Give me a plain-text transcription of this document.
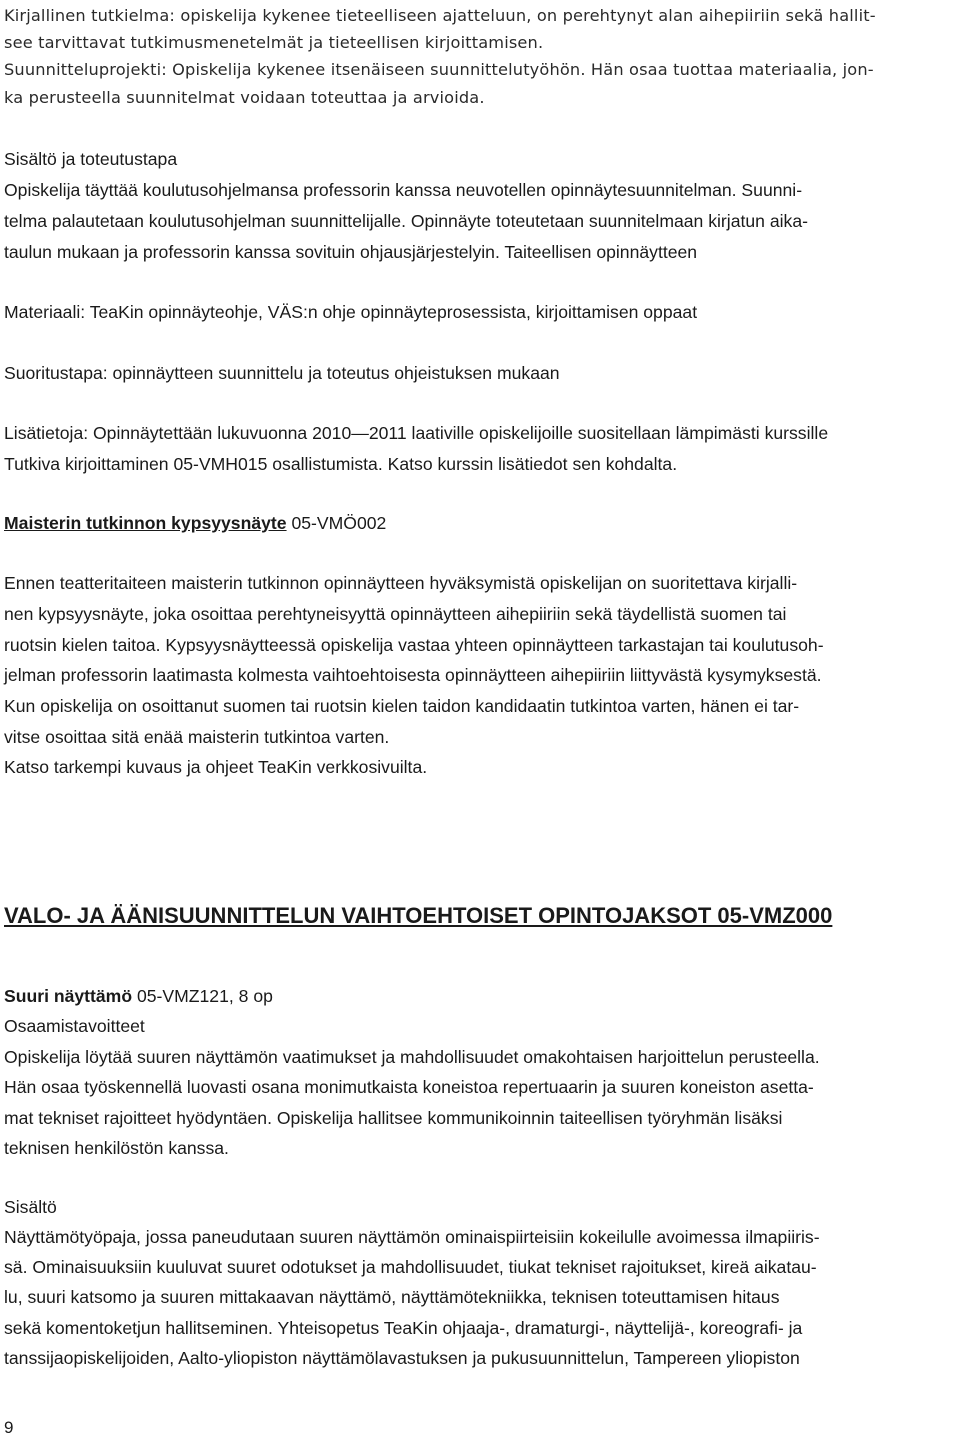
Kirjallinen tutkielma: opiskelija kykenee tieteelliseen ajatteluun, on perehtynyt alan aihepiiriin sekä hallit-
see tarvittavat tutkimusmenetelmät ja tieteellisen kirjoittamisen.
Suunnitteluprojekti: Opiskelija kykenee itsenäiseen suunnittelutyöhön. Hän osaa tuottaa materiaalia, jon-
ka perusteella suunnitelmat voidaan toteuttaa ja arvioida.
Sisältö ja toteutustapa
Opiskelija täyttää koulutusohjelmansa professorin kanssa neuvotellen opinnäytesuunnitelman. Suunni-
telma palautetaan koulutusohjelman suunnittelijalle. Opinnäyte toteutetaan suunnitelmaan kirjatun aika-
taulun mukaan ja professorin kanssa sovituin ohjausjärjestelyin. Taiteellisen opinnäytteen
Materiaali: TeaKin opinnäyteohje, VÄS:n ohje opinnäyteprosessista, kirjoittamisen oppaat
Suoritustapa: opinnäytteen suunnittelu ja toteutus ohjeistuksen mukaan
Lisätietoja: Opinnäytettään lukuvuonna 2010—2011 laativille opiskelijoille suositellaan lämpimästi kurssille
Tutkiva kirjoittaminen 05-VMH015 osallistumista. Katso kurssin lisätiedot sen kohdalta.
Maisterin tutkinnon kypsyysnäyte 05-VMÖ002
Ennen teatteritaiteen maisterin tutkinnon opinnäytteen hyväksymistä opiskelijan on suoritettava kirjalli-
nen kypsyysnäyte, joka osoittaa perehtyneisyyttä opinnäytteen aihepiiriin sekä täydellistä suomen tai
ruotsin kielen taitoa. Kypsyysnäytteessä opiskelija vastaa yhteen opinnäytteen tarkastajan tai koulutusoh-
jelman professorin laatimasta kolmesta vaihtoehtoisesta opinnäytteen aihepiiriin liittyvästä kysymyksestä.
Kun opiskelija on osoittanut suomen tai ruotsin kielen taidon kandidaatin tutkintoa varten, hänen ei tar-
vitse osoittaa sitä enää maisterin tutkintoa varten.
Katso tarkempi kuvaus ja ohjeet TeaKin verkkosivuilta.
VALO- JA ÄÄNISUUNNITTELUN VAIHTOEHTOISET OPINTOJAKSOT 05-VMZ000
Suuri näyttämö 05-VMZ121, 8 op
Osaamistavoitteet
Opiskelija löytää suuren näyttämön vaatimukset ja mahdollisuudet omakohtaisen harjoittelun perusteella.
Hän osaa työskennellä luovasti osana monimutkaista koneistoa repertuaarin ja suuren koneiston asetta-
mat tekniset rajoitteet hyödyntäen. Opiskelija hallitsee kommunikoinnin taiteellisen työryhmän lisäksi
teknisen henkilöstön kanssa.
Sisältö
Näyttämötyöpaja, jossa paneudutaan suuren näyttämön ominaispiirteisiin kokeilulle avoimessa ilmapiiris-
sä. Ominaisuuksiin kuuluvat suuret odotukset ja mahdollisuudet, tiukat tekniset rajoitukset, kireä aikatau-
lu, suuri katsomo ja suuren mittakaavan näyttämö, näyttämötekniikka, teknisen toteuttamisen hitaus
sekä komentoketjun hallitseminen. Yhteisopetus TeaKin ohjaaja-, dramaturgi-, näyttelijä-, koreografi- ja
tanssijaopiskelijoiden, Aalto-yliopiston näyttämölavastuksen ja pukusuunnittelun, Tampereen yliopiston
9
